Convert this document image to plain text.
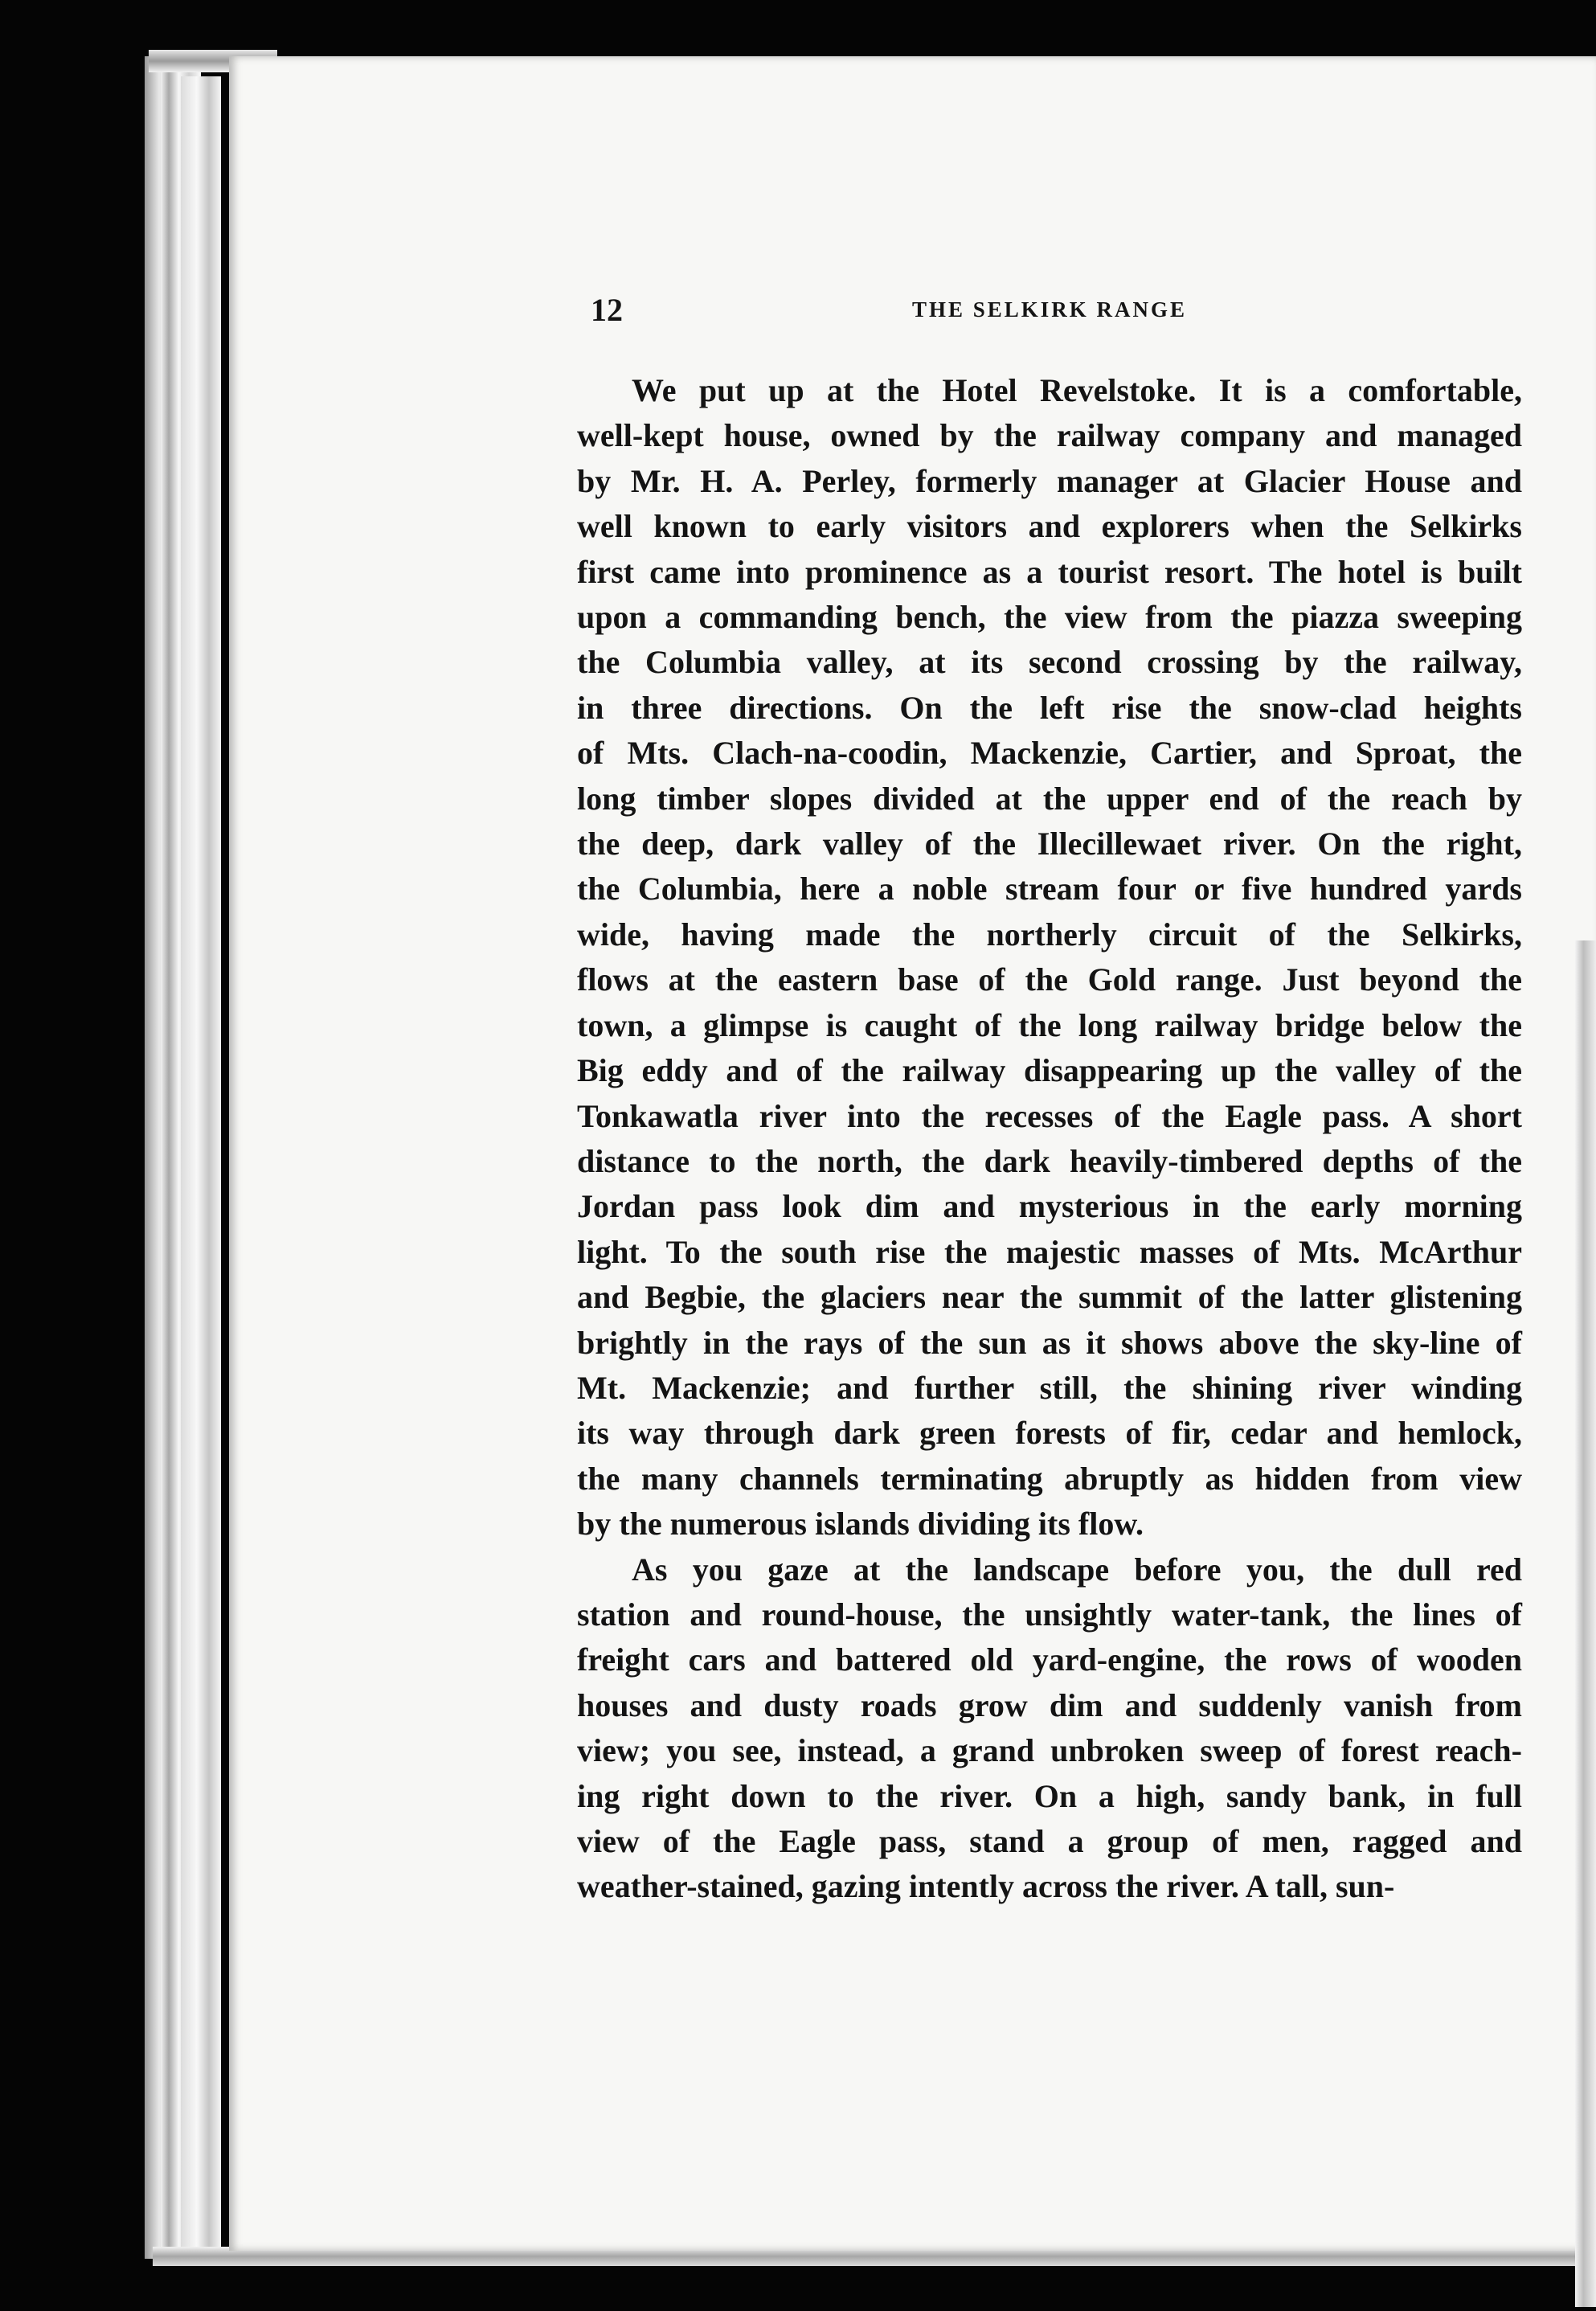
12	THE SELKIRK RANGE

We put up at the Hotel Revelstoke. It is a comfortable,
well-kept house, owned by the railway company and managed
by Mr. H. A. Perley, formerly manager at Glacier House and
well known to early visitors and explorers when the Selkirks
first came into prominence as a tourist resort. The hotel is built
upon a commanding bench, the view from the piazza sweeping
the Columbia valley, at its second crossing by the railway,
in three directions. On the left rise the snow-clad heights
of Mts. Clach-na-coodin, Mackenzie, Cartier, and Sproat, the
long timber slopes divided at the upper end of the reach by
the deep, dark valley of the Illecillewaet river. On the right,
the Columbia, here a noble stream four or five hundred yards
wide, having made the northerly circuit of the Selkirks,
flows at the eastern base of the Gold range. Just beyond the
town, a glimpse is caught of the long railway bridge below the
Big eddy and of the railway disappearing up the valley of the
Tonkawatla river into the recesses of the Eagle pass. A short
distance to the north, the dark heavily-timbered depths of the
Jordan pass look dim and mysterious in the early morning
light. To the south rise the majestic masses of Mts. McArthur
and Begbie, the glaciers near the summit of the latter glistening
brightly in the rays of the sun as it shows above the sky-line of
Mt. Mackenzie; and further still, the shining river winding
its way through dark green forests of fir, cedar and hemlock,
the many channels terminating abruptly as hidden from view
by the numerous islands dividing its flow.

As you gaze at the landscape before you, the dull red
station and round-house, the unsightly water-tank, the lines of
freight cars and battered old yard-engine, the rows of wooden
houses and dusty roads grow dim and suddenly vanish from
view; you see, instead, a grand unbroken sweep of forest reach-
ing right down to the river. On a high, sandy bank, in full
view of the Eagle pass, stand a group of men, ragged and
weather-stained, gazing intently across the river. A tall, sun-
